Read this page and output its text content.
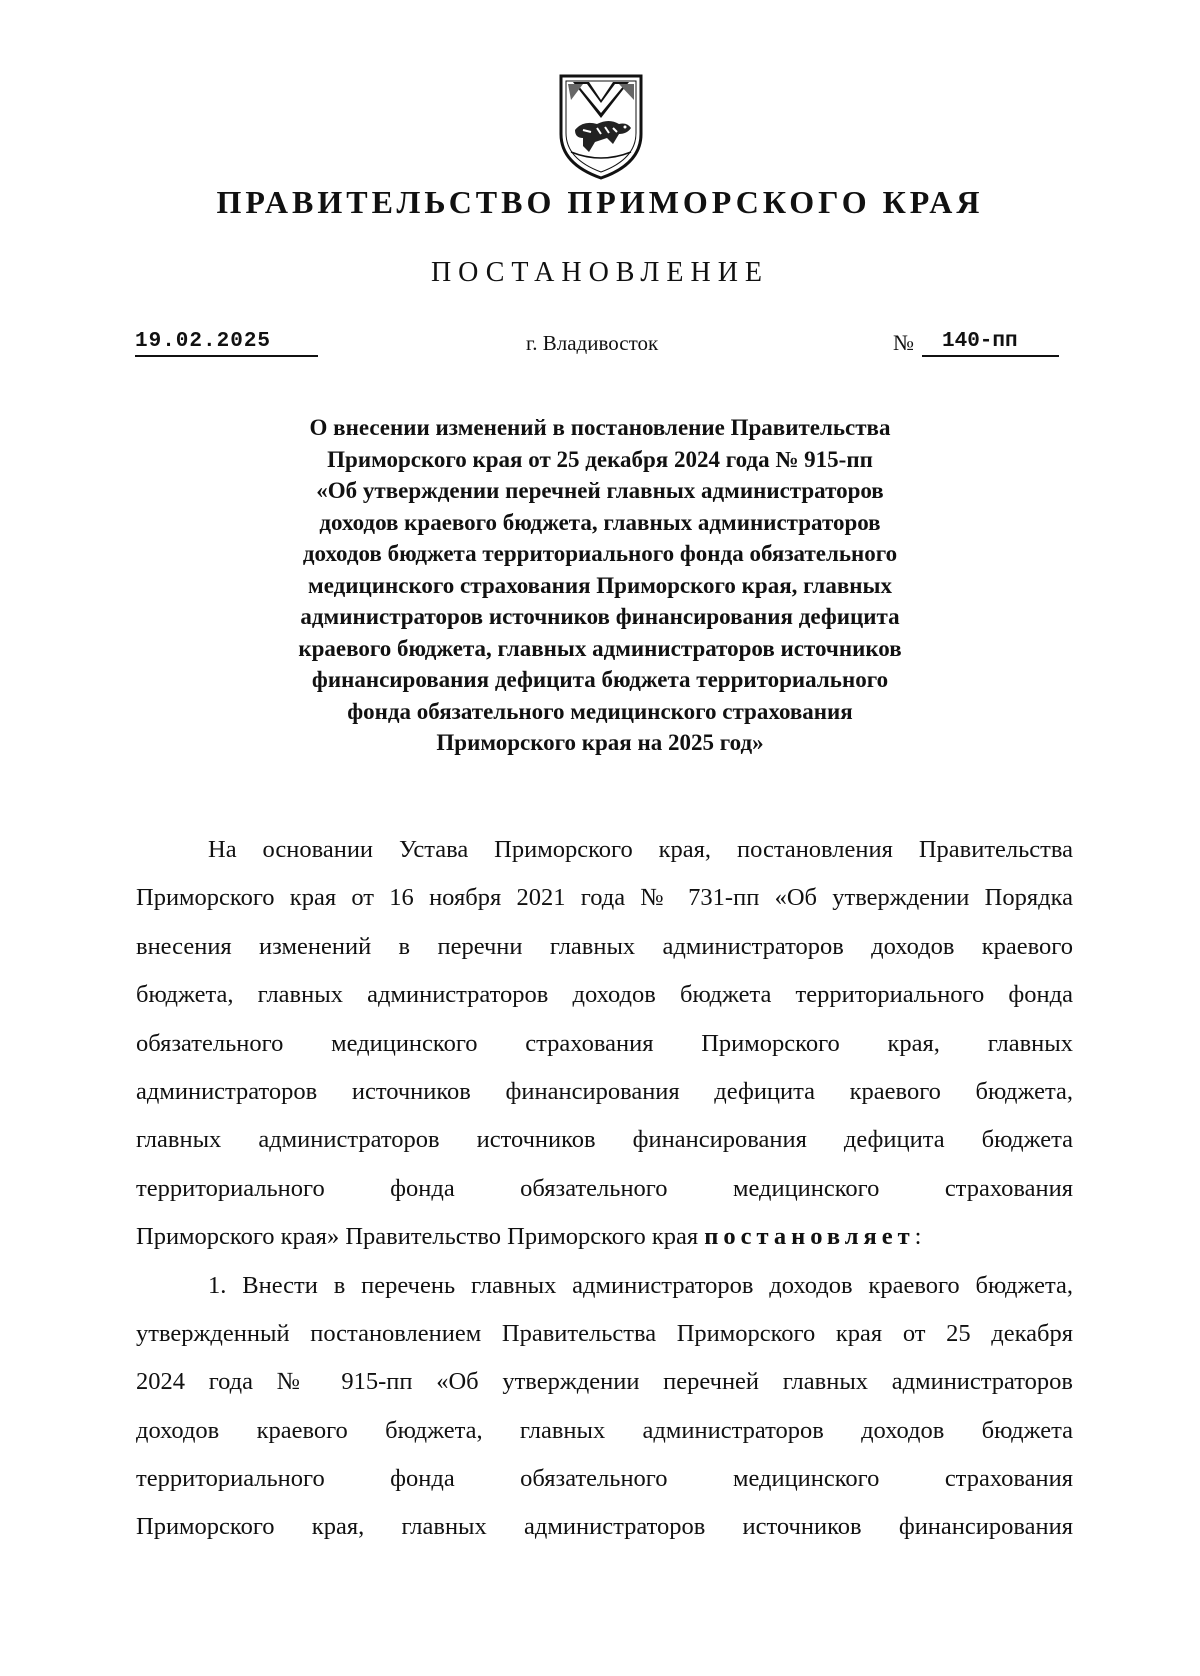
ПРАВИТЕЛЬСТВО ПРИМОРСКОГО КРАЯ
ПОСТАНОВЛЕНИЕ
19.02.2025	г. Владивосток	№	140-пп
О внесении изменений в постановление Правительства
Приморского края от 25 декабря 2024 года № 915-пп
«Об утверждении перечней главных администраторов
доходов краевого бюджета, главных администраторов
доходов бюджета территориального фонда обязательного
медицинского страхования Приморского края, главных
администраторов источников финансирования дефицита
краевого бюджета, главных администраторов источников
финансирования дефицита бюджета территориального
фонда обязательного медицинского страхования
Приморского края на 2025 год»
На основании Устава Приморского края, постановления Правительства
Приморского края от 16 ноября 2021 года № 731-пп «Об утверждении Порядка
внесения изменений в перечни главных администраторов доходов краевого
бюджета, главных администраторов доходов бюджета территориального фонда
обязательного медицинского страхования Приморского края, главных
администраторов источников финансирования дефицита краевого бюджета,
главных администраторов источников финансирования дефицита бюджета
территориального фонда обязательного медицинского страхования
Приморского края» Правительство Приморского края постановляет:
1. Внести в перечень главных администраторов доходов краевого бюджета,
утвержденный постановлением Правительства Приморского края от 25 декабря
2024 года № 915-пп «Об утверждении перечней главных администраторов
доходов краевого бюджета, главных администраторов доходов бюджета
территориального фонда обязательного медицинского страхования
Приморского края, главных администраторов источников финансирования
